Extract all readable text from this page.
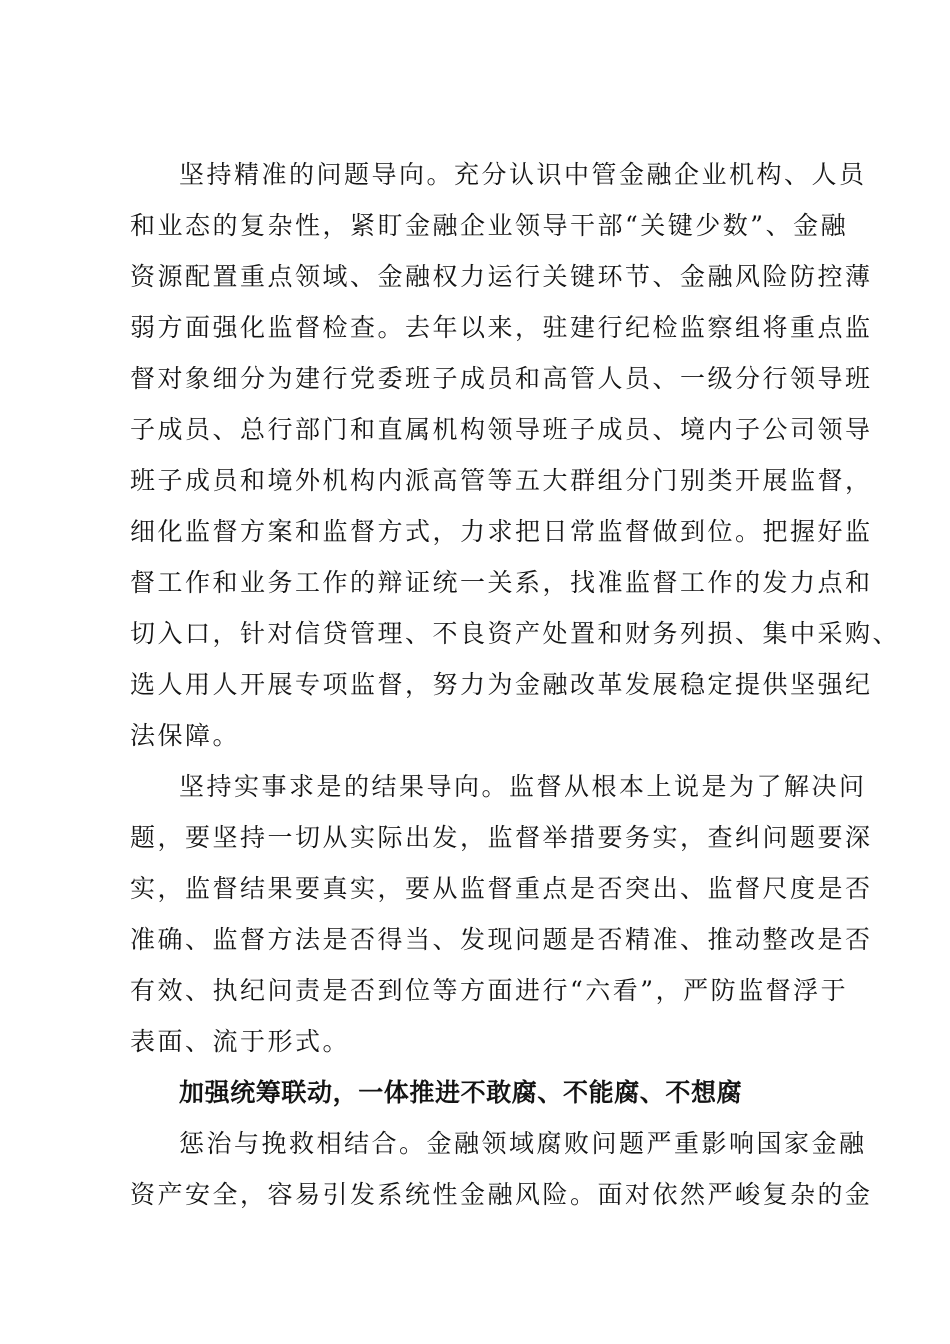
坚持精准的问题导向。充分认识中管金融企业机构、人员
和业态的复杂性，紧盯金融企业领导干部“关键少数”、金融
资源配置重点领域、金融权力运行关键环节、金融风险防控薄
弱方面强化监督检查。去年以来，驻建行纪检监察组将重点监
督对象细分为建行党委班子成员和高管人员、一级分行领导班
子成员、总行部门和直属机构领导班子成员、境内子公司领导
班子成员和境外机构内派高管等五大群组分门别类开展监督，
细化监督方案和监督方式，力求把日常监督做到位。把握好监
督工作和业务工作的辩证统一关系，找准监督工作的发力点和
切入口，针对信贷管理、不良资产处置和财务列损、集中采购、
选人用人开展专项监督，努力为金融改革发展稳定提供坚强纪
法保障。
坚持实事求是的结果导向。监督从根本上说是为了解决问
题，要坚持一切从实际出发，监督举措要务实，查纠问题要深
实，监督结果要真实，要从监督重点是否突出、监督尺度是否
准确、监督方法是否得当、发现问题是否精准、推动整改是否
有效、执纪问责是否到位等方面进行“六看”，严防监督浮于
表面、流于形式。
加强统筹联动，一体推进不敢腐、不能腐、不想腐
惩治与挽救相结合。金融领域腐败问题严重影响国家金融
资产安全，容易引发系统性金融风险。面对依然严峻复杂的金
